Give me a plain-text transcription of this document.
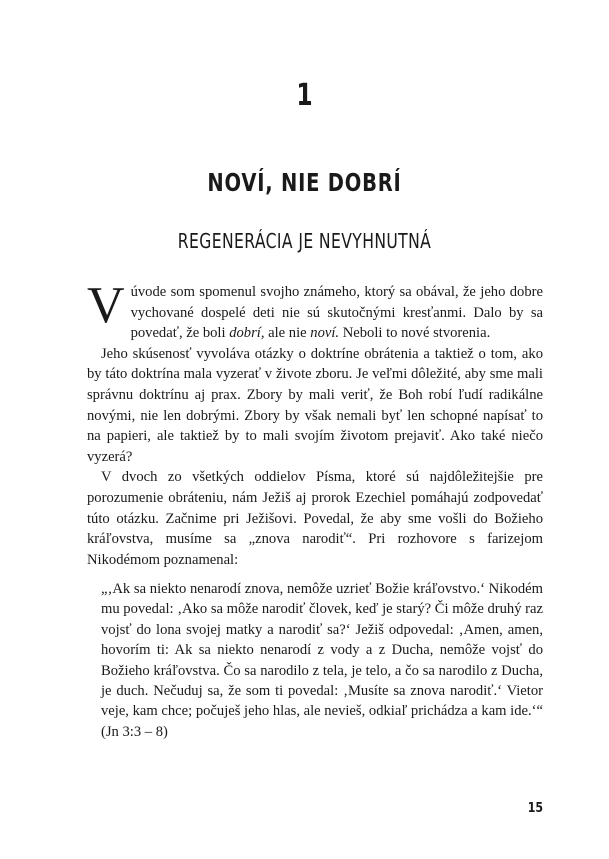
1
NOVÍ, NIE DOBRÍ
REGENERÁCIA JE NEVYHNUTNÁ

V úvode som spomenul svojho známeho, ktorý sa obával, že jeho dobre vychované dospelé deti nie sú skutočnými kresťanmi. Dalo by sa povedať, že boli dobrí, ale nie noví. Neboli to nové stvorenia.

Jeho skúsenosť vyvoláva otázky o doktríne obrátenia a taktiež o tom, ako by táto doktrína mala vyzerať v živote zboru. Je veľmi dôležité, aby sme mali správnu doktrínu aj prax. Zbory by mali veriť, že Boh robí ľudí radikálne novými, nie len dobrými. Zbory by však nemali byť len schopné napísať to na papieri, ale taktiež by to mali svojím životom prejaviť. Ako také niečo vyzerá?

V dvoch zo všetkých oddielov Písma, ktoré sú najdôležitejšie pre porozumenie obráteniu, nám Ježiš aj prorok Ezechiel pomáhajú zodpovedať túto otázku. Začnime pri Ježišovi. Povedal, že aby sme vošli do Božieho kráľovstva, musíme sa „znova narodiť“. Pri rozhovore s farizejom Nikodémom poznamenal:

„‚Ak sa niekto nenarodí znova, nemôže uzrieť Božie kráľovstvo.‘ Nikodém mu povedal: ‚Ako sa môže narodiť človek, keď je starý? Či môže druhý raz vojsť do lona svojej matky a narodiť sa?‘ Ježiš odpovedal: ‚Amen, amen, hovorím ti: Ak sa niekto nenarodí z vody a z Ducha, nemôže vojsť do Božieho kráľovstva. Čo sa narodilo z tela, je telo, a čo sa narodilo z Ducha, je duch. Nečuduj sa, že som ti povedal: ‚Musíte sa znova narodiť.‘ Vietor veje, kam chce; počuješ jeho hlas, ale nevieš, odkiaľ prichádza a kam ide.‘“ (Jn 3:3 – 8)
15
